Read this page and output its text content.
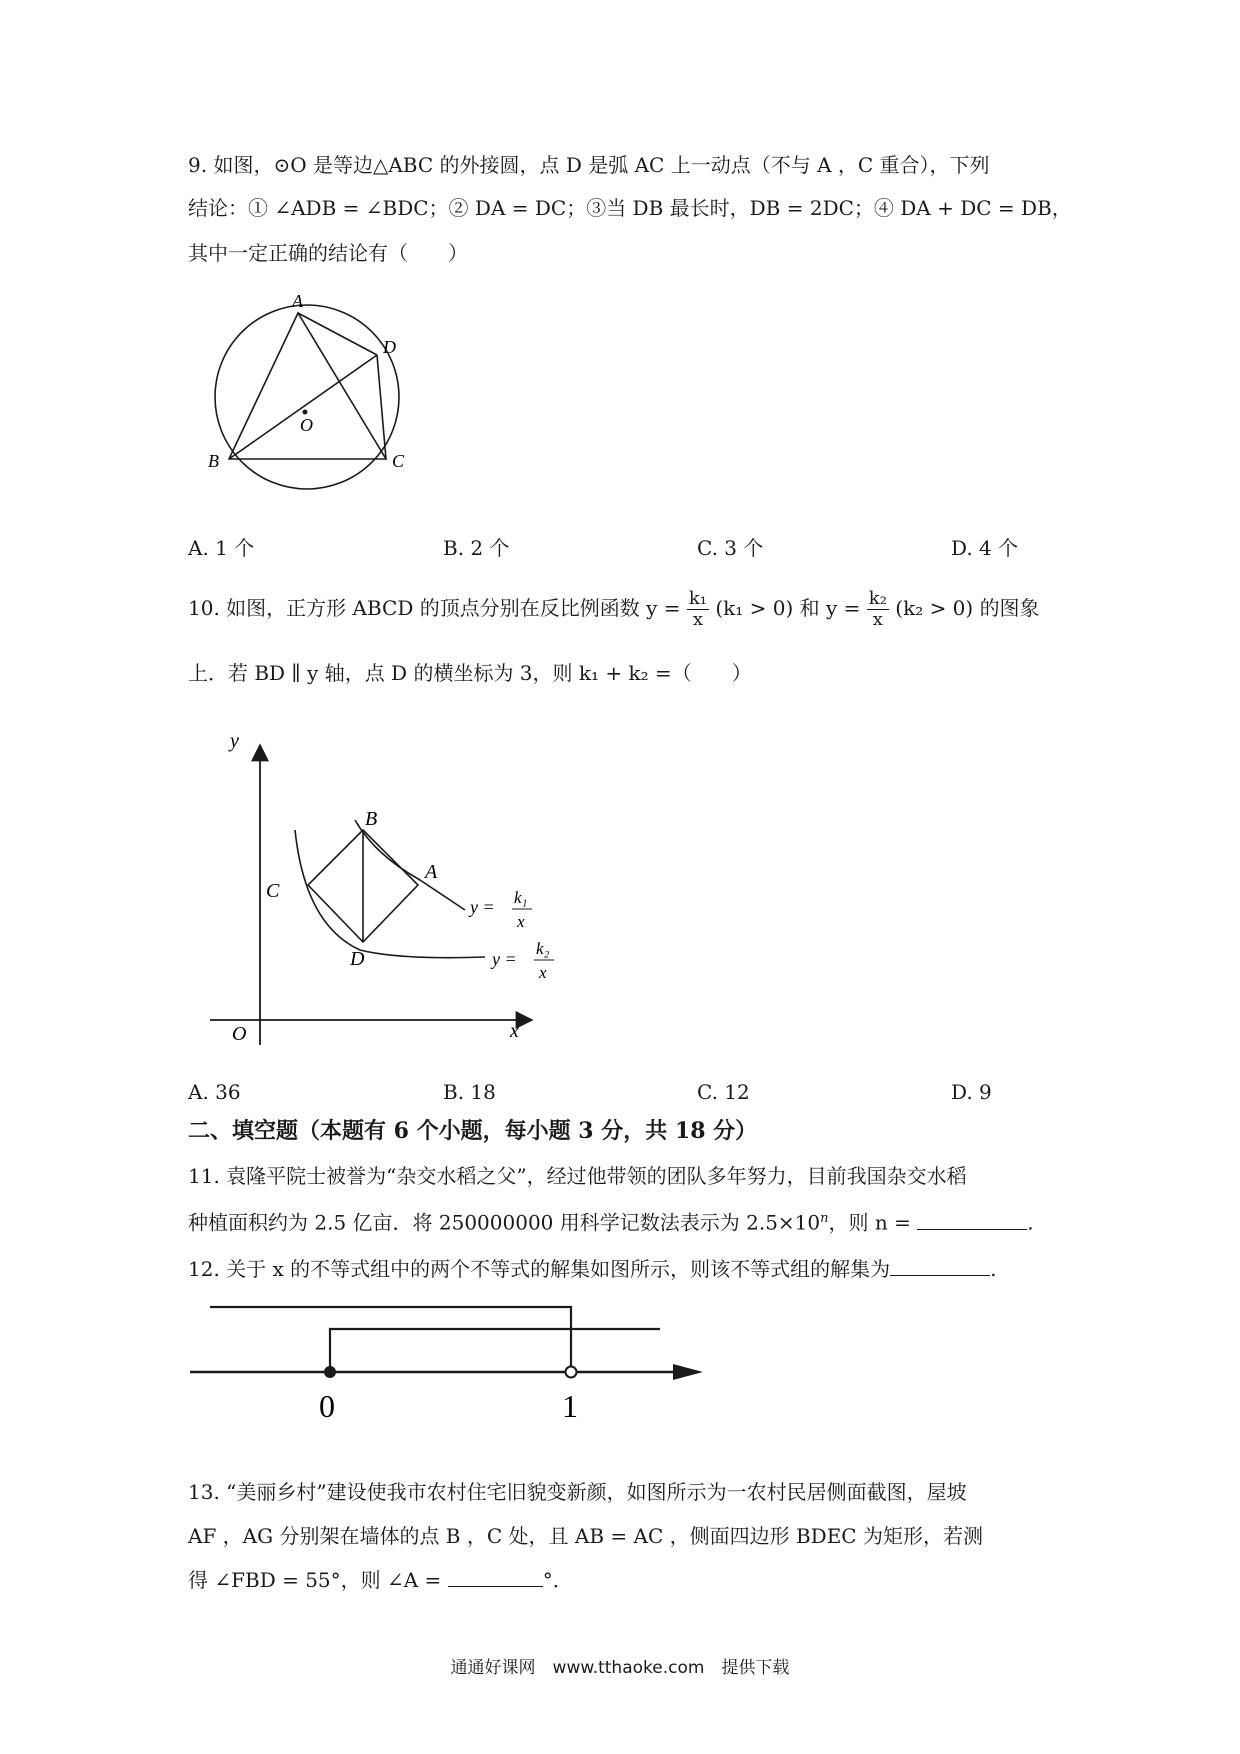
9. 如图，⊙O 是等边△ABC 的外接圆，点 D 是弧 AC 上一动点（不与 A ，C 重合），下列
结论：① ∠ADB = ∠BDC；② DA = DC；③当 DB 最长时，DB = 2DC；④ DA + DC = DB，
其中一定正确的结论有（　　）
A
D
O
B	C
A. 1 个	B. 2 个	C. 3 个	D. 4 个
10. 如图，正方形 ABCD 的顶点分别在反比例函数 $y = \frac{\text{k₁}}{x} (k_1 > 0)$ 和 $y = \frac{\text{k₂}}{x} (k_2 > 0)$ 的图象
上．若 BD ∥ y 轴，点 D 的横坐标为 3，则 k₁ + k₂ =（　　）
y
x
O
B
A
C
D
y = k₁
x
y =
k₂
x
A. 36	B. 18	C. 12	D. 9
二、填空题（本题有 6 个小题，每小题 3 分，共 18 分）
11. 袁隆平院士被誉为“杂交水稻之父”，经过他带领的团队多年努力，目前我国杂交水稻
种植面积约为 2.5 亿亩．将 250000000 用科学记数法表示为 $2.5\times 10^n$，则 n =	.
12. 关于 x 的不等式组中的两个不等式的解集如图所示，则该不等式组的解集为	.
0	1
13. “美丽乡村”建设使我市农村住宅旧貌变新颜，如图所示为一农村民居侧面截图，屋坡
AF ，AG 分别架在墙体的点 B ，C 处，且 AB = AC ，侧面四边形 BDEC 为矩形，若测
得 ∠FBD = 55°，则 ∠A =	°．
通通好课网　www.tthaoke.com　提供下载
